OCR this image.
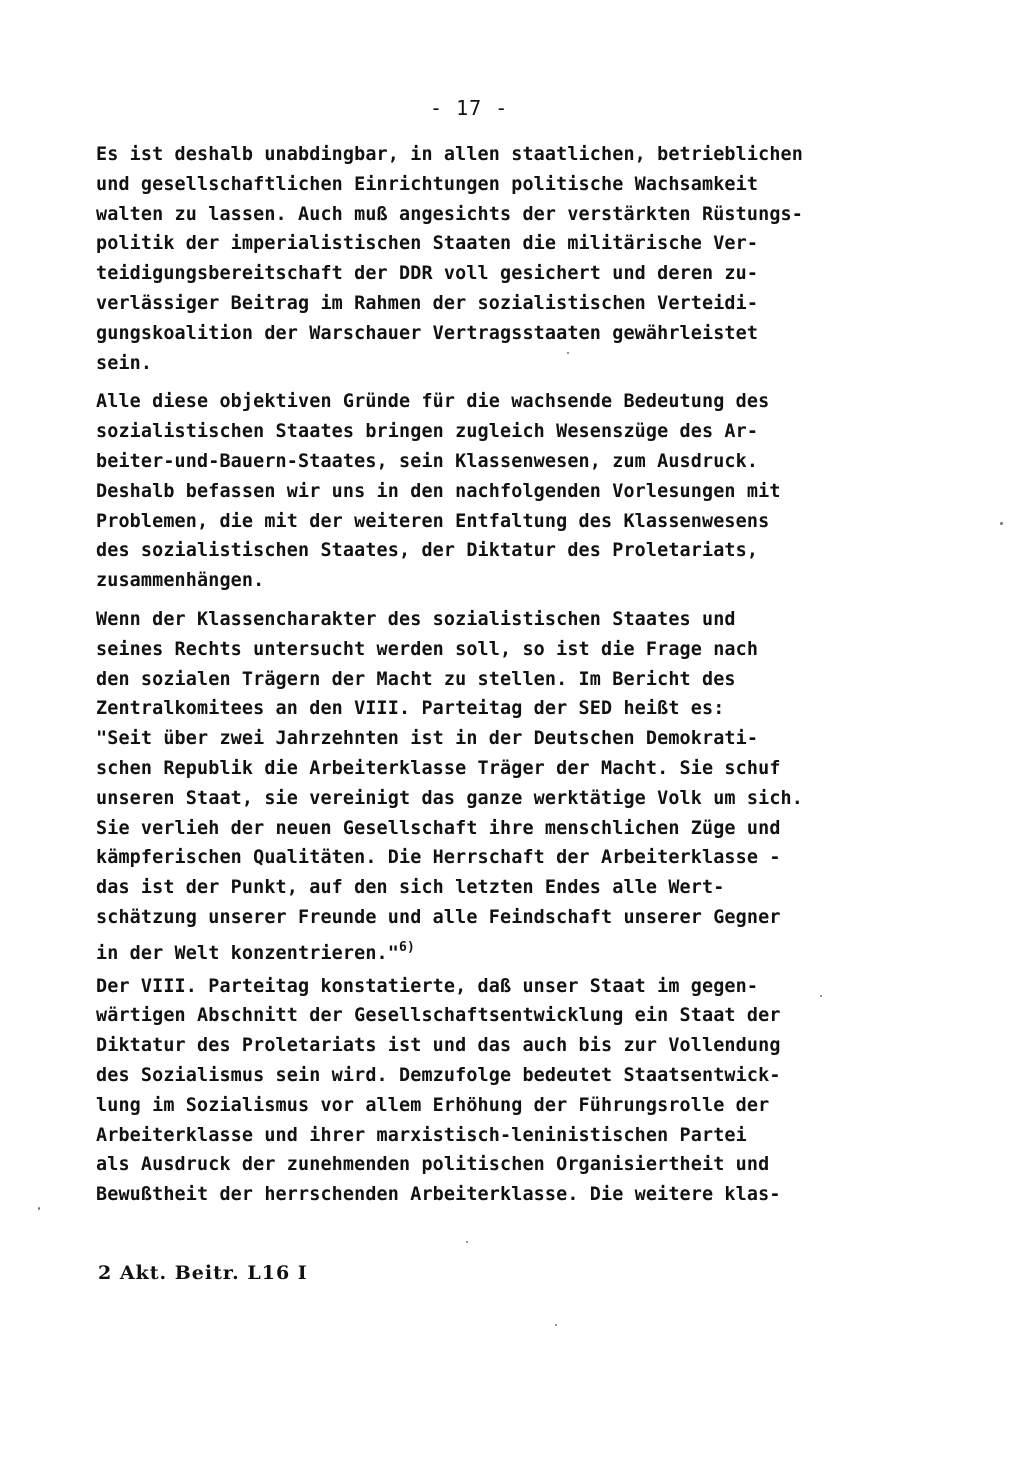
- 17 -
Es ist deshalb unabdingbar, in allen staatlichen, betrieblichen
und gesellschaftlichen Einrichtungen politische Wachsamkeit
walten zu lassen. Auch muß angesichts der verstärkten Rüstungs-
politik der imperialistischen Staaten die militärische Ver-
teidigungsbereitschaft der DDR voll gesichert und deren zu-
verlässiger Beitrag im Rahmen der sozialistischen Verteidi-
gungskoalition der Warschauer Vertragsstaaten gewährleistet
sein.
Alle diese objektiven Gründe für die wachsende Bedeutung des
sozialistischen Staates bringen zugleich Wesenszüge des Ar-
beiter-und-Bauern-Staates, sein Klassenwesen, zum Ausdruck.
Deshalb befassen wir uns in den nachfolgenden Vorlesungen mit
Problemen, die mit der weiteren Entfaltung des Klassenwesens
des sozialistischen Staates, der Diktatur des Proletariats,
zusammenhängen.
Wenn der Klassencharakter des sozialistischen Staates und
seines Rechts untersucht werden soll, so ist die Frage nach
den sozialen Trägern der Macht zu stellen. Im Bericht des
Zentralkomitees an den VIII. Parteitag der SED heißt es:
"Seit über zwei Jahrzehnten ist in der Deutschen Demokrati-
schen Republik die Arbeiterklasse Träger der Macht. Sie schuf
unseren Staat, sie vereinigt das ganze werktätige Volk um sich.
Sie verlieh der neuen Gesellschaft ihre menschlichen Züge und
kämpferischen Qualitäten. Die Herrschaft der Arbeiterklasse -
das ist der Punkt, auf den sich letzten Endes alle Wert-
schätzung unserer Freunde und alle Feindschaft unserer Gegner
in der Welt konzentrieren."$^{6)}$
Der VIII. Parteitag konstatierte, daß unser Staat im gegen-
wärtigen Abschnitt der Gesellschaftsentwicklung ein Staat der
Diktatur des Proletariats ist und das auch bis zur Vollendung
des Sozialismus sein wird. Demzufolge bedeutet Staatsentwick-
lung im Sozialismus vor allem Erhöhung der Führungsrolle der
Arbeiterklasse und ihrer marxistisch-leninistischen Partei
als Ausdruck der zunehmenden politischen Organisiertheit und
Bewußtheit der herrschenden Arbeiterklasse. Die weitere klas-
2 Akt. Beitr. L16 I
